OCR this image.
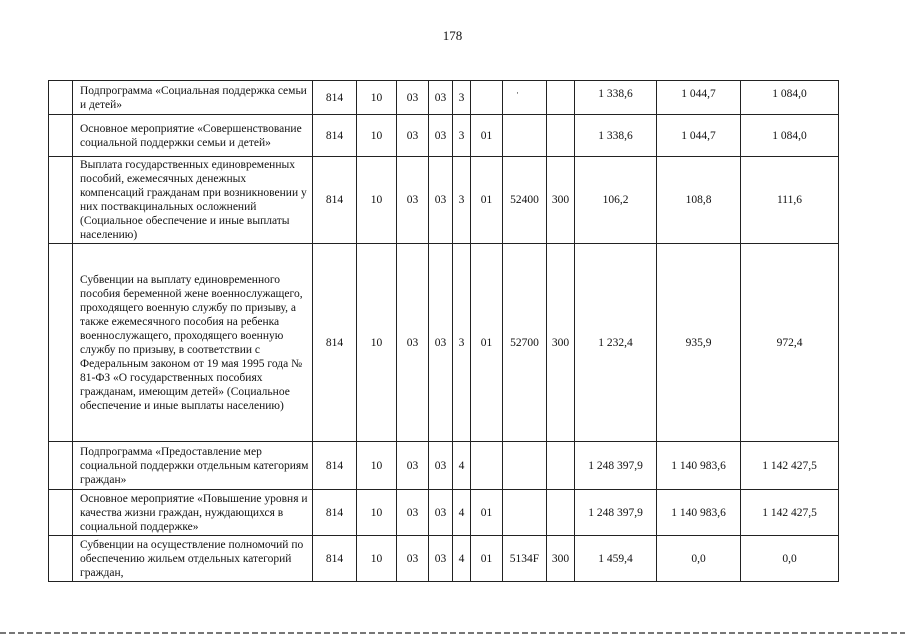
178
·
	Подпрограмма «Социальная поддержка семьи и детей»	814	10	03	03	3				1 338,6	1 044,7	1 084,0
	Основное мероприятие «Совершенствование социальной поддержки семьи и детей»	814	10	03	03	3	01			1 338,6	1 044,7	1 084,0
	Выплата государственных единовременных пособий, ежемесячных денежных компенсаций гражданам при возникновении у них поствакцинальных осложнений (Социальное обеспечение и иные выплаты населению)	814	10	03	03	3	01	52400	300	106,2	108,8	111,6
	Субвенции на выплату единовременного пособия беременной жене военнослужащего, проходящего военную службу по призыву, а также ежемесячного пособия на ребенка военнослужащего, проходящего военную службу по призыву, в соответствии с Федеральным законом от 19 мая 1995 года № 81-ФЗ «О государственных пособиях гражданам, имеющим детей» (Социальное обеспечение и иные выплаты населению)	814	10	03	03	3	01	52700	300	1 232,4	935,9	972,4
	Подпрограмма «Предоставление мер социальной поддержки отдельным категориям граждан»	814	10	03	03	4				1 248 397,9	1 140 983,6	1 142 427,5
	Основное мероприятие «Повышение уровня и качества жизни граждан, нуждающихся в социальной поддержке»	814	10	03	03	4	01			1 248 397,9	1 140 983,6	1 142 427,5
	Субвенции на осуществление полномочий по обеспечению жильем отдельных категорий граждан,	814	10	03	03	4	01	5134F	300	1 459,4	0,0	0,0
